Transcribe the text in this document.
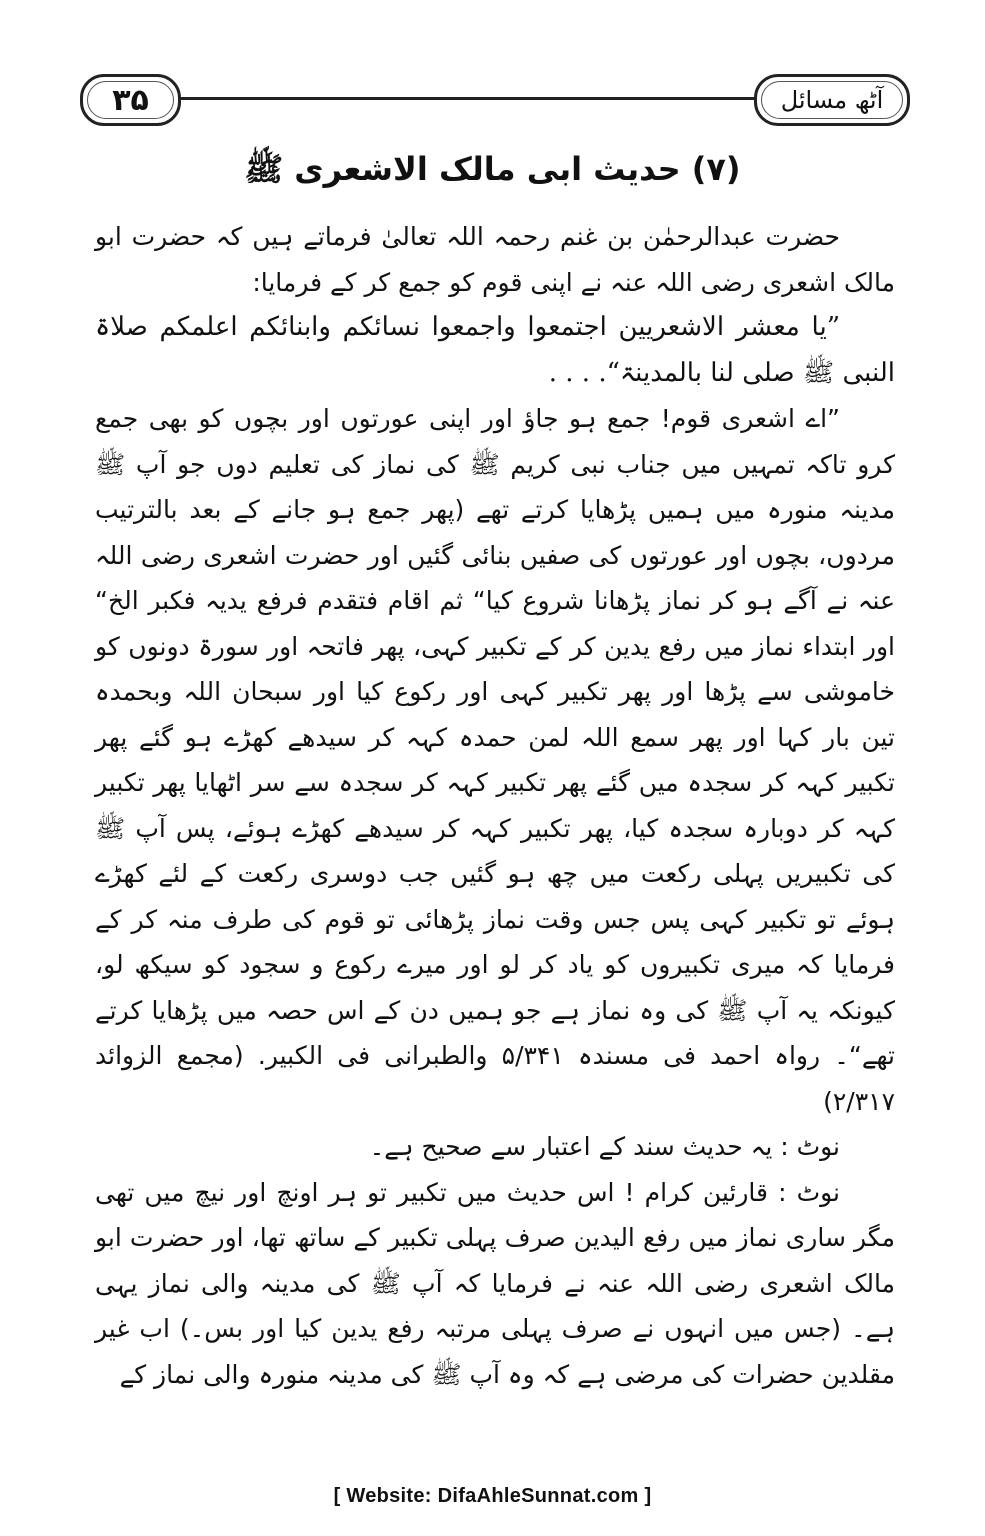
۳۵	آٹھ مسائل
(۷) حدیث ابی مالک الاشعری ﷺ

حضرت عبدالرحمٰن بن غنم رحمہ اللہ تعالیٰ فرماتے ہیں کہ حضرت ابو مالک اشعری رضی اللہ عنہ نے اپنی قوم کو جمع کر کے فرمایا:

”یا معشر الاشعریین اجتمعوا واجمعوا نسائکم وابنائکم اعلمکم صلاۃ النبی ﷺ صلی لنا بالمدینۃ“. . . .

”اے اشعری قوم! جمع ہو جاؤ اور اپنی عورتوں اور بچوں کو بھی جمع کرو تاکہ تمہیں میں جناب نبی کریم ﷺ کی نماز کی تعلیم دوں جو آپ ﷺ مدینہ منورہ میں ہمیں پڑھایا کرتے تھے (پھر جمع ہو جانے کے بعد بالترتیب مردوں، بچوں اور عورتوں کی صفیں بنائی گئیں اور حضرت اشعری رضی اللہ عنہ نے آگے ہو کر نماز پڑھانا شروع کیا“ ثم اقام فتقدم فرفع یدیہ فکبر الخ“ اور ابتداء نماز میں رفع یدین کر کے تکبیر کہی، پھر فاتحہ اور سورۃ دونوں کو خاموشی سے پڑھا اور پھر تکبیر کہی اور رکوع کیا اور سبحان اللہ وبحمدہ تین بار کہا اور پھر سمع اللہ لمن حمدہ کہہ کر سیدھے کھڑے ہو گئے پھر تکبیر کہہ کر سجدہ میں گئے پھر تکبیر کہہ کر سجدہ سے سر اٹھایا پھر تکبیر کہہ کر دوبارہ سجدہ کیا، پھر تکبیر کہہ کر سیدھے کھڑے ہوئے، پس آپ ﷺ کی تکبیریں پہلی رکعت میں چھ ہو گئیں جب دوسری رکعت کے لئے کھڑے ہوئے تو تکبیر کہی پس جس وقت نماز پڑھائی تو قوم کی طرف منہ کر کے فرمایا کہ میری تکبیروں کو یاد کر لو اور میرے رکوع و سجود کو سیکھ لو، کیونکہ یہ آپ ﷺ کی وہ نماز ہے جو ہمیں دن کے اس حصہ میں پڑھایا کرتے تھے“۔ رواہ احمد فی مسندہ ۵/۳۴۱ والطبرانی فی الکبیر. (مجمع الزوائد ۲/۳۱۷)

نوٹ : یہ حدیث سند کے اعتبار سے صحیح ہے۔

نوٹ : قارئین کرام ! اس حدیث میں تکبیر تو ہر اونچ اور نیچ میں تھی مگر ساری نماز میں رفع الیدین صرف پہلی تکبیر کے ساتھ تھا، اور حضرت ابو مالک اشعری رضی اللہ عنہ نے فرمایا کہ آپ ﷺ کی مدینہ والی نماز یہی ہے۔ (جس میں انہوں نے صرف پہلی مرتبہ رفع یدین کیا اور بس۔) اب غیر مقلدین حضرات کی مرضی ہے کہ وہ آپ ﷺ کی مدینہ منورہ والی نماز کے

[ Website: DifaAhleSunnat.com ]
